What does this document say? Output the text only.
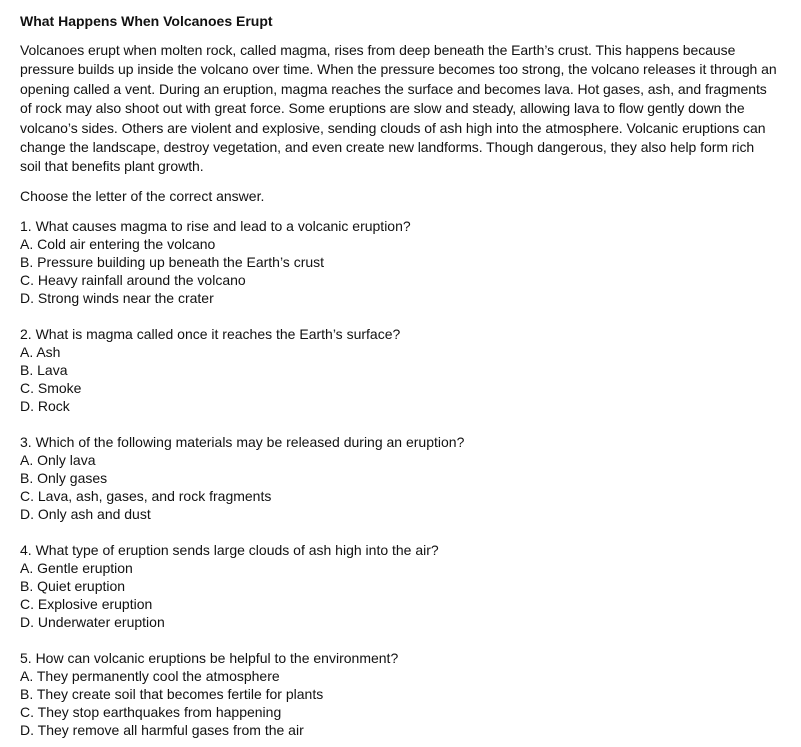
What Happens When Volcanoes Erupt

Volcanoes erupt when molten rock, called magma, rises from deep beneath the Earth’s crust. This happens because pressure builds up inside the volcano over time. When the pressure becomes too strong, the volcano releases it through an opening called a vent. During an eruption, magma reaches the surface and becomes lava. Hot gases, ash, and fragments of rock may also shoot out with great force. Some eruptions are slow and steady, allowing lava to flow gently down the volcano’s sides. Others are violent and explosive, sending clouds of ash high into the atmosphere. Volcanic eruptions can change the landscape, destroy vegetation, and even create new landforms. Though dangerous, they also help form rich soil that benefits plant growth.

Choose the letter of the correct answer.

1. What causes magma to rise and lead to a volcanic eruption?
A. Cold air entering the volcano
B. Pressure building up beneath the Earth’s crust
C. Heavy rainfall around the volcano
D. Strong winds near the crater
2. What is magma called once it reaches the Earth’s surface?
A. Ash
B. Lava
C. Smoke
D. Rock
3. Which of the following materials may be released during an eruption?
A. Only lava
B. Only gases
C. Lava, ash, gases, and rock fragments
D. Only ash and dust
4. What type of eruption sends large clouds of ash high into the air?
A. Gentle eruption
B. Quiet eruption
C. Explosive eruption
D. Underwater eruption
5. How can volcanic eruptions be helpful to the environment?
A. They permanently cool the atmosphere
B. They create soil that becomes fertile for plants
C. They stop earthquakes from happening
D. They remove all harmful gases from the air
